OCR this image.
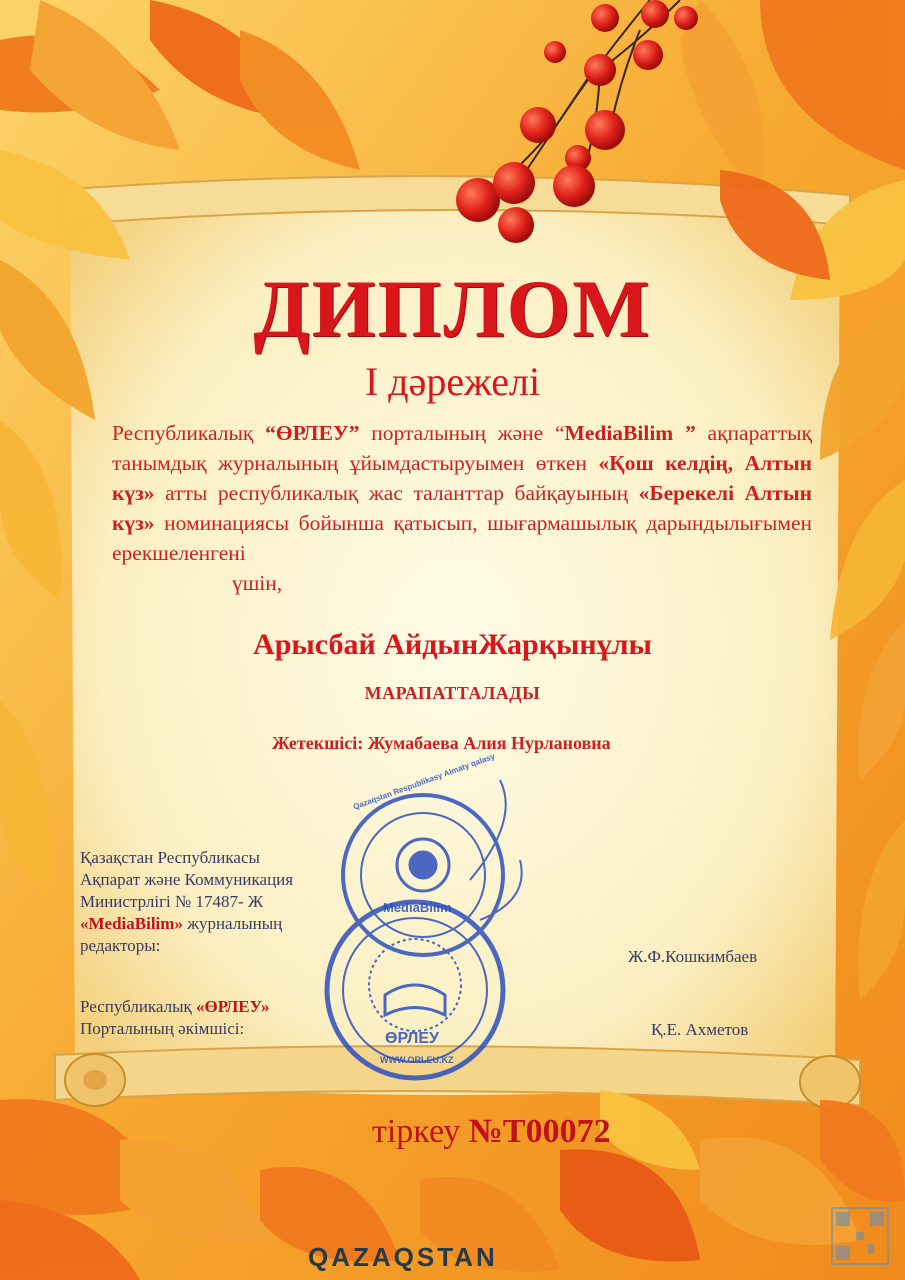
MediaBilim
ӨРЛЕУ
WWW.ORLEU.KZ
Qazaqstan Respublikasy Almaty qalasy
ДИПЛОМ
I дәрежелі
Республикалық “ӨРЛЕУ” порталының және “MediaBilim ” ақпараттық танымдық журналының ұйымдастыруымен өткен «Қош келдің, Алтын күз» атты республикалық жас таланттар байқауының «Берекелі Алтын күз» номинациясы бойынша қатысып, шығармашылық дарындылығымен ерекшеленгені
үшін,
Арысбай АйдынЖарқынұлы
МАРАПАТТАЛАДЫ
Жетекшісі: Жумабаева Алия Нурлановна
Қазақстан Республикасы
Ақпарат және Коммуникация
Министрлігі № 17487- Ж
«MediaBilim» журналының
редакторы:
Ж.Ф.Кошкимбаев
Республикалық «ӨРЛЕУ»
Порталының әкімшісі:	Қ.Е. Ахметов
тіркеу №Т00072
QAZAQSTAN
